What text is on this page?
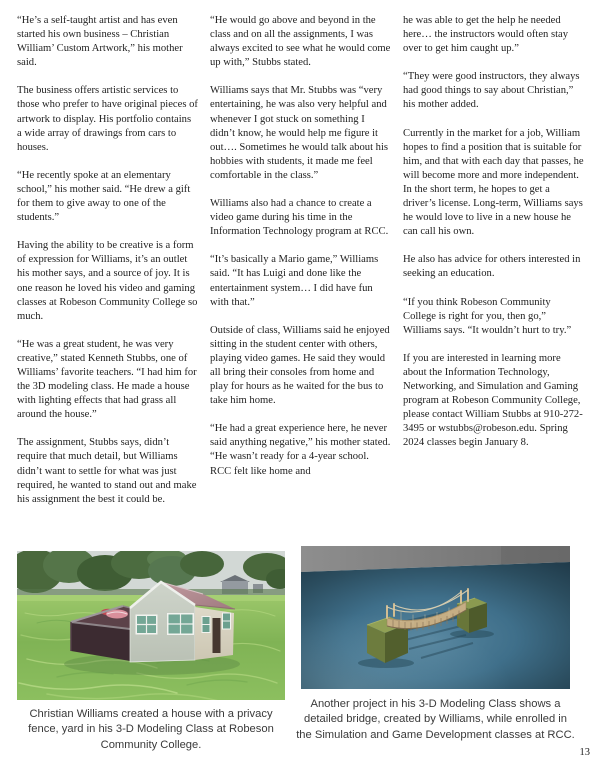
“He’s a self-taught artist and has even started his own business – Christian William’ Custom Artwork,” his mother said.

The business offers artistic services to those who prefer to have original pieces of artwork to display. His portfolio contains a wide array of drawings from cars to houses.

“He recently spoke at an elementary school,” his mother said. “He drew a gift for them to give away to one of the students.”

Having the ability to be creative is a form of expression for Williams, it’s an outlet his mother says, and a source of joy. It is one reason he loved his video and gaming classes at Robeson Community College so much.

“He was a great student, he was very creative,” stated Kenneth Stubbs, one of Williams’ favorite teachers. “I had him for the 3D modeling class. He made a house with lighting effects that had grass all around the house.”

The assignment, Stubbs says, didn’t require that much detail, but Williams didn’t want to settle for what was just required, he wanted to stand out and make his assignment the best it could be.

“He would go above and beyond in the class and on all the assignments, I was always excited to see what he would come up with,” Stubbs stated.

Williams says that Mr. Stubbs was “very entertaining, he was also very helpful and whenever I got stuck on something I didn’t know, he would help me figure it out…. Sometimes he would talk about his hobbies with students, it made me feel comfortable in the class.”

Williams also had a chance to create a video game during his time in the Information Technology program at RCC.

“It’s basically a Mario game,” Williams said. “It has Luigi and done like the entertainment system… I did have fun with that.”

Outside of class, Williams said he enjoyed sitting in the student center with others, playing video games. He said they would all bring their consoles from home and play for hours as he waited for the bus to take him home.

“He had a great experience here, he never said anything negative,” his mother stated. “He wasn’t ready for a 4-year school. RCC felt like home and

he was able to get the help he needed here… the instructors would often stay over to get him caught up.”

“They were good instructors, they always had good things to say about Christian,” his mother added.

Currently in the market for a job, William hopes to find a position that is suitable for him, and that with each day that passes, he will become more and more independent. In the short term, he hopes to get a driver’s license. Long-term, Williams says he would love to live in a new house he can call his own.

He also has advice for others interested in seeking an education.

“If you think Robeson Community College is right for you, then go,” Williams says. “It wouldn’t hurt to try.”

If you are interested in learning more about the Information Technology, Networking, and Simulation and Gaming program at Robeson Community College, please contact William Stubbs at 910-272-3495 or wstubbs@robeson.edu. Spring 2024 classes begin January 8.

Christian Williams created a house with a privacy fence, yard in his 3-D Modeling Class at Robeson Community College.
Another project in his 3-D Modeling Class shows a detailed bridge, created by Williams, while enrolled in the Simulation and Game Development classes at RCC.
13
